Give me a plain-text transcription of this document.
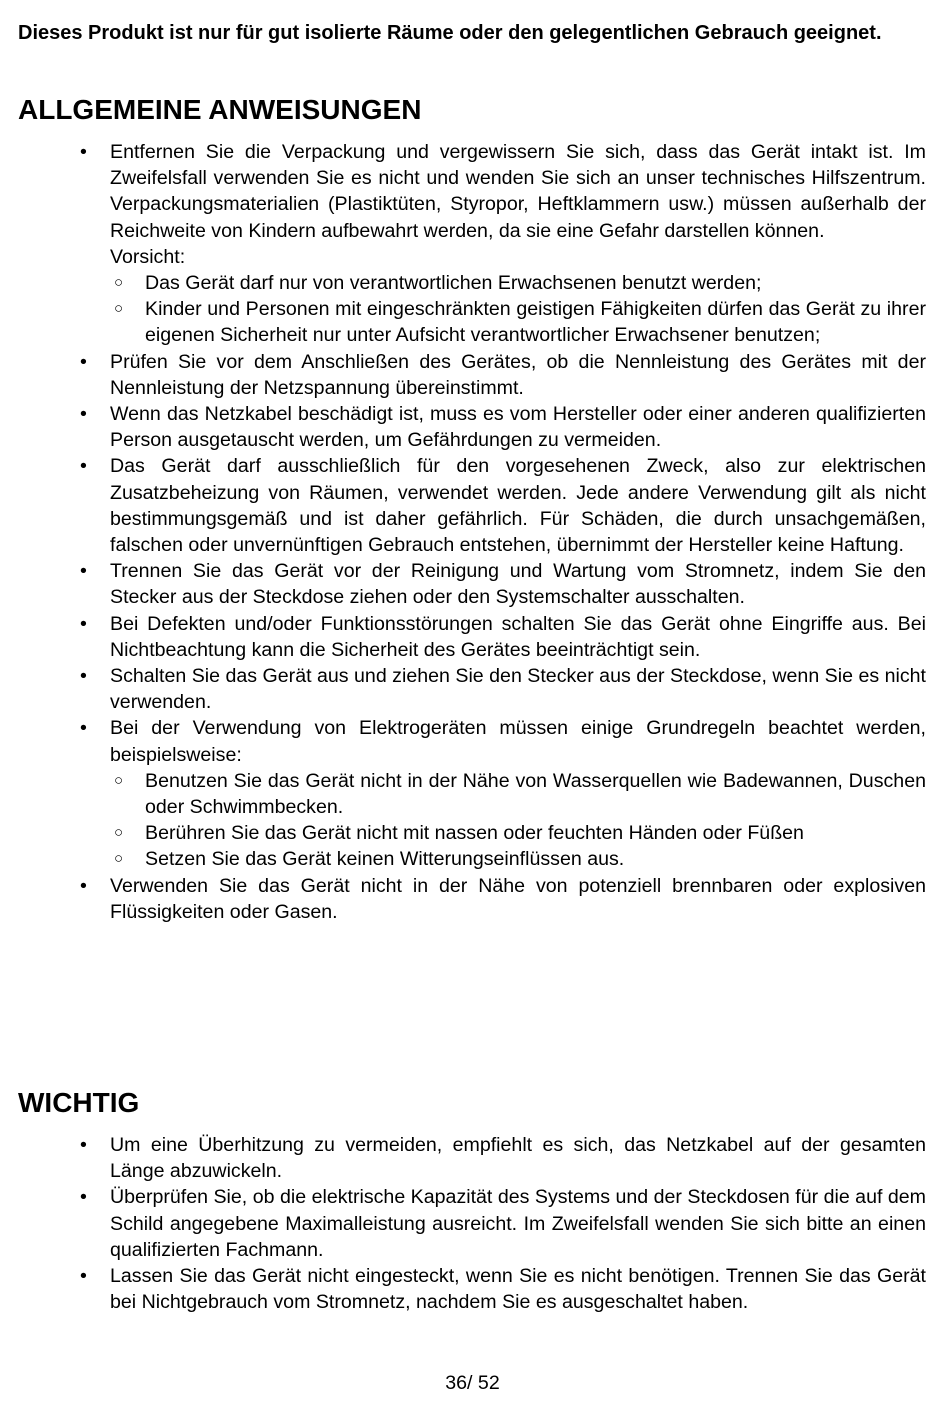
Dieses Produkt ist nur für gut isolierte Räume oder den gelegentlichen Gebrauch geeignet.

ALLGEMEINE ANWEISUNGEN
• Entfernen Sie die Verpackung und vergewissern Sie sich, dass das Gerät intakt ist. Im Zweifelsfall verwenden Sie es nicht und wenden Sie sich an unser technisches Hilfszentrum. Verpackungsmaterialien (Plastiktüten, Styropor, Heftklammern usw.) müssen außerhalb der Reichweite von Kindern aufbewahrt werden, da sie eine Gefahr darstellen können.
Vorsicht:
○ Das Gerät darf nur von verantwortlichen Erwachsenen benutzt werden;
○ Kinder und Personen mit eingeschränkten geistigen Fähigkeiten dürfen das Gerät zu ihrer eigenen Sicherheit nur unter Aufsicht verantwortlicher Erwachsener benutzen;
• Prüfen Sie vor dem Anschließen des Gerätes, ob die Nennleistung des Gerätes mit der Nennleistung der Netzspannung übereinstimmt.
• Wenn das Netzkabel beschädigt ist, muss es vom Hersteller oder einer anderen qualifizierten Person ausgetauscht werden, um Gefährdungen zu vermeiden.
• Das Gerät darf ausschließlich für den vorgesehenen Zweck, also zur elektrischen Zusatzbeheizung von Räumen, verwendet werden. Jede andere Verwendung gilt als nicht bestimmungsgemäß und ist daher gefährlich. Für Schäden, die durch unsachgemäßen, falschen oder unvernünftigen Gebrauch entstehen, übernimmt der Hersteller keine Haftung.
• Trennen Sie das Gerät vor der Reinigung und Wartung vom Stromnetz, indem Sie den Stecker aus der Steckdose ziehen oder den Systemschalter ausschalten.
• Bei Defekten und/oder Funktionsstörungen schalten Sie das Gerät ohne Eingriffe aus. Bei Nichtbeachtung kann die Sicherheit des Gerätes beeinträchtigt sein.
• Schalten Sie das Gerät aus und ziehen Sie den Stecker aus der Steckdose, wenn Sie es nicht verwenden.
• Bei der Verwendung von Elektrogeräten müssen einige Grundregeln beachtet werden, beispielsweise:
○ Benutzen Sie das Gerät nicht in der Nähe von Wasserquellen wie Badewannen, Duschen oder Schwimmbecken.
○ Berühren Sie das Gerät nicht mit nassen oder feuchten Händen oder Füßen
○ Setzen Sie das Gerät keinen Witterungseinflüssen aus.
• Verwenden Sie das Gerät nicht in der Nähe von potenziell brennbaren oder explosiven Flüssigkeiten oder Gasen.
WICHTIG
• Um eine Überhitzung zu vermeiden, empfiehlt es sich, das Netzkabel auf der gesamten Länge abzuwickeln.
• Überprüfen Sie, ob die elektrische Kapazität des Systems und der Steckdosen für die auf dem Schild angegebene Maximalleistung ausreicht. Im Zweifelsfall wenden Sie sich bitte an einen qualifizierten Fachmann.
• Lassen Sie das Gerät nicht eingesteckt, wenn Sie es nicht benötigen. Trennen Sie das Gerät bei Nichtgebrauch vom Stromnetz, nachdem Sie es ausgeschaltet haben.
36/ 52
